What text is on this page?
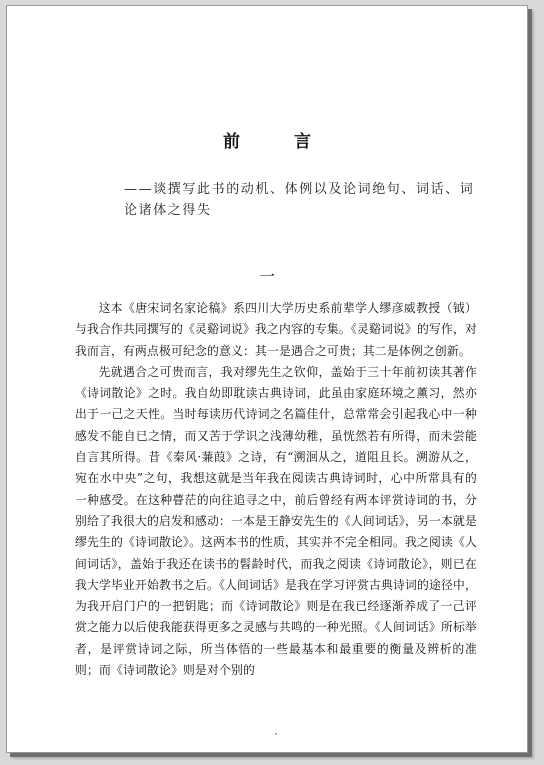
前 言

——谈撰写此书的动机、体例以及论词绝句、词话、词论诸体之得失

一

这本《唐宋词名家论稿》系四川大学历史系前辈学人缪彦威教授（钺）与我合作共同撰写的《灵谿词说》我之内容的专集。《灵谿词说》的写作，对我而言，有两点极可纪念的意义：其一是遇合之可贵；其二是体例之创新。

先就遇合之可贵而言，我对缪先生之钦仰，盖始于三十年前初读其著作《诗词散论》之时。我自幼即耽读古典诗词，此虽由家庭环境之薰习，然亦出于一己之天性。当时每读历代诗词之名篇佳什，总常常会引起我心中一种感发不能自已之情，而又苦于学识之浅薄幼稚，虽恍然若有所得，而未尝能自言其所得。昔《秦风·蒹葭》之诗，有“溯洄从之，道阻且长。溯游从之，宛在水中央”之句，我想这就是当年我在阅读古典诗词时，心中所常具有的一种感受。在这种瞢茫的向往追寻之中，前后曾经有两本评赏诗词的书，分别给了我很大的启发和感动：一本是王静安先生的《人间词话》，另一本就是缪先生的《诗词散论》。这两本书的性质，其实并不完全相同。我之阅读《人间词话》，盖始于我还在读书的髫龄时代，而我之阅读《诗词散论》，则已在我大学毕业开始教书之后。《人间词话》是我在学习评赏古典诗词的途径中，为我开启门户的一把钥匙；而《诗词散论》则是在我已经逐渐养成了一己评赏之能力以后使我能获得更多之灵感与共鸣的一种光照。《人间词话》所标举者，是评赏诗词之际，所当体悟的一些最基本和最重要的衡量及辨析的准则；而《诗词散论》则是对个别的
